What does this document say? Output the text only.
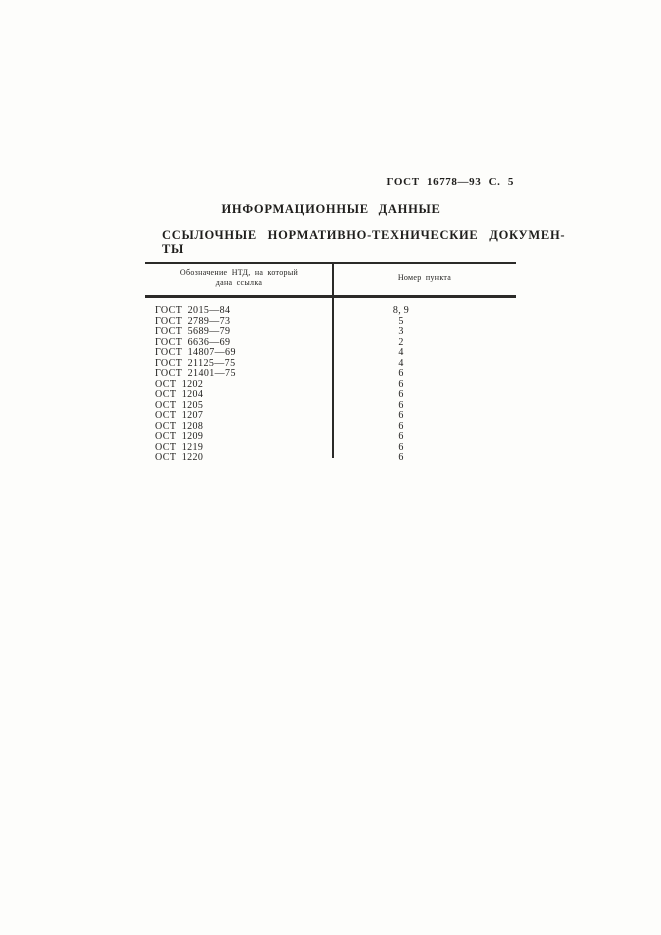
ГОСТ 16778—93 С. 5
ИНФОРМАЦИОННЫЕ ДАННЫЕ
ССЫЛОЧНЫЕ НОРМАТИВНО-ТЕХНИЧЕСКИЕ ДОКУМЕН-
ТЫ
Обозначение НТД, на который
дана ссылка	Номер пункта
ГОСТ 2015—84	8, 9
ГОСТ 2789—73	5
ГОСТ 5689—79	3
ГОСТ 6636—69	2
ГОСТ 14807—69	4
ГОСТ 21125—75	4
ГОСТ 21401—75	6
ОСТ 1202	6
ОСТ 1204	6
ОСТ 1205	6
ОСТ 1207	6
ОСТ 1208	6
ОСТ 1209	6
ОСТ 1219	6
ОСТ 1220	6
